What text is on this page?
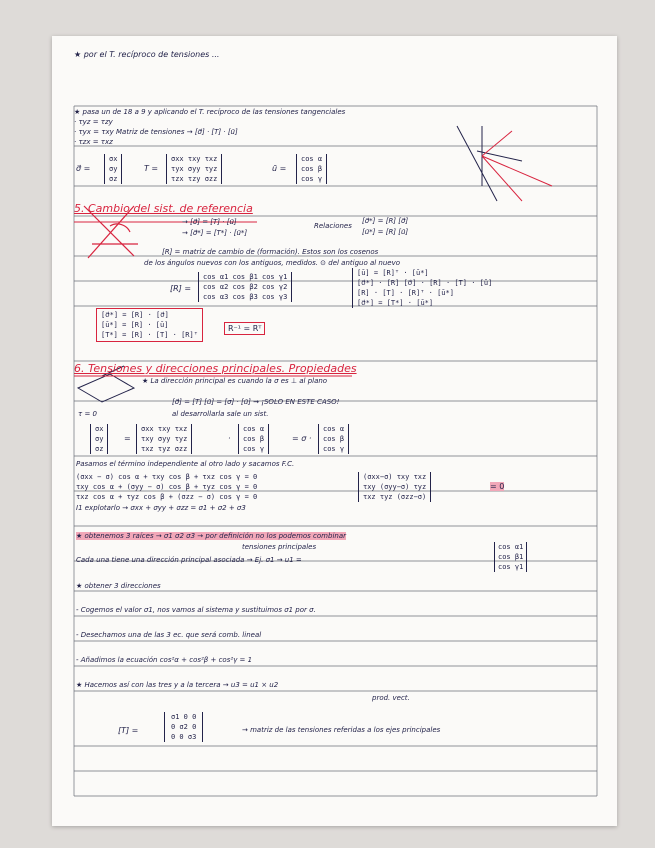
★ por el T. recíproco de tensiones ...
★ pasa un de 18 a 9 y aplicando el T. recíproco de las tensiones tangenciales
· τyz = τzy
· τyx = τxy Matriz de tensiones → [σ⃗] · [T] · [ū]
· τzx = τxz
σ⃗ =
σx
σy
σz
T =
σxx τxy τxz
τyx σyy τyz
τzx τzy σzz
ū =
cos α
cos β
cos γ
5. Cambio del sist. de referencia
→ [σ⃗] = [T] · [ū]
→ [σ⃗*] = [T*] · [ū*]
Relaciones
[σ⃗*] = [R] [σ⃗]
[ū*] = [R] [ū]
[R] = matriz de cambio de (formación). Estos son los cosenos
de los ángulos nuevos con los antiguos, medidos. ⊙ del antiguo al nuevo
[R] =
cos α1 cos β1 cos γ1
cos α2 cos β2 cos γ2
cos α3 cos β3 cos γ3
[ū] = [R]ᵀ · [ū*]
[σ⃗*] · [R] [σ⃗] · [R] · [T] · [ū]
[R] · [T] · [R]ᵀ · [ū*]
[σ⃗*] = [T*] · [ū*]
[σ⃗*] = [R] · [σ⃗]
[ū*] = [R] · [ū]
[T*] = [R] · [T] · [R]ᵀ
R⁻¹ = Rᵀ
6. Tensiones y direcciones principales. Propiedades
★ La dirección principal es cuando la σ es ⊥ al plano
τ = 0
[σ⃗] = [T] [ū] = [σ] · [ū] → ¡SOLO EN ESTE CASO!
al desarrollarla sale un sist.
σx
σy
σz
=
σxx τxy τxz
τxy σyy τyz
τxz τyz σzz
·
cos α
cos β
cos γ
= σ ·
cos α
cos β
cos γ
Pasamos el término independiente al otro lado y sacamos F.C.
(σxx − σ) cos α + τxy cos β + τxz cos γ = 0
τxy cos α + (σyy − σ) cos β + τyz cos γ = 0
τxz cos α + τyz cos β + (σzz − σ) cos γ = 0
(σxx−σ) τxy τxz
τxy (σyy−σ) τyz
τxz τyz (σzz−σ)
= 0
I1 explotarlo → σxx + σyy + σzz = σ1 + σ2 + σ3
★ obtenemos 3 raíces → σ1 σ2 σ3 → por definición no los podemos combinar
tensiones principales
Cada una tiene una dirección principal asociada → Ej. σ1 → u1 =
cos α1
cos β1
cos γ1
★ obtener 3 direcciones
- Cogemos el valor σ1, nos vamos al sistema y sustituimos σ1 por σ.
- Desechamos una de las 3 ec. que será comb. lineal
- Añadimos la ecuación cos²α + cos²β + cos²γ = 1
★ Hacemos así con las tres y a la tercera → u3 = u1 × u2
prod. vect.
[T] =
σ1 0 0
0 σ2 0
0 0 σ3
→ matriz de las tensiones referidas a los ejes principales
